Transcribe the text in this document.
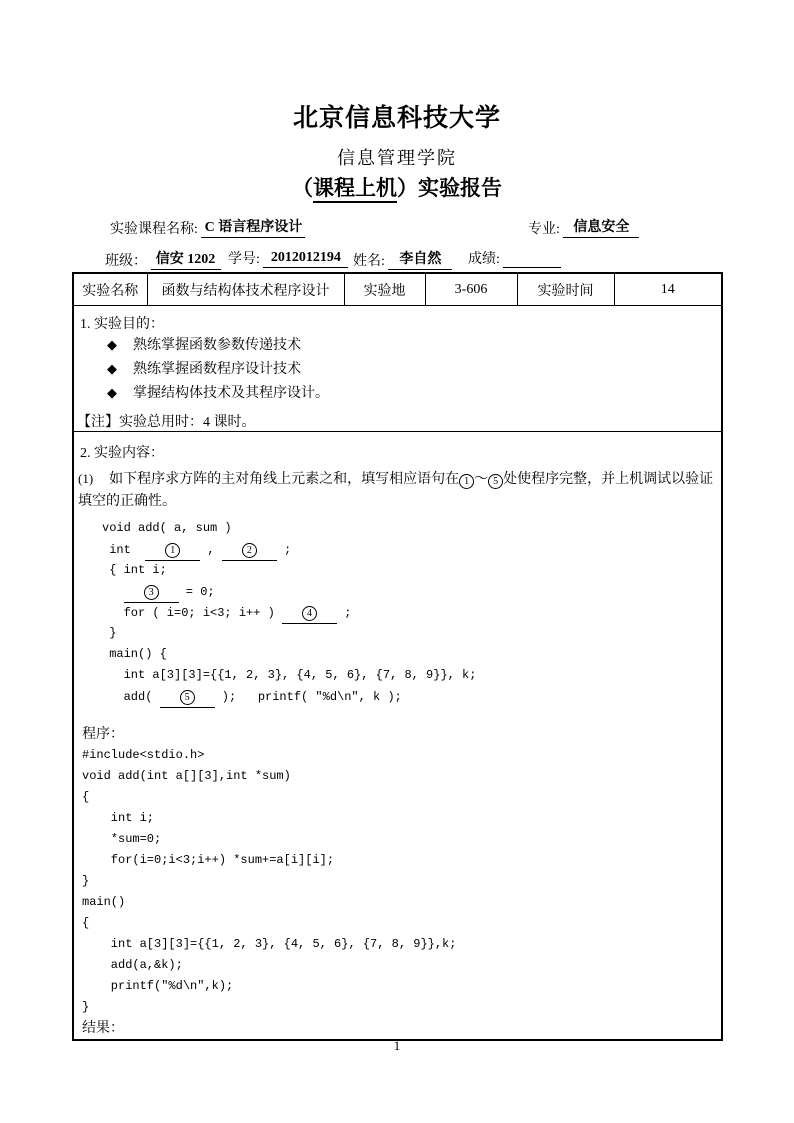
北京信息科技大学
信息管理学院
（课程上机）实验报告
实验课程名称: C 语言程序设计	专业: 信息安全
班级： 信安 1202 学号: 2012012194 姓名: 李自然	成绩:
实验名称	函数与结构体技术程序设计	实验地	3-606	实验时间	14

1. 实验目的：
◆ 熟练掌握函数参数传递技术
◆ 熟练掌握函数程序设计技术
◆ 掌握结构体技术及其程序设计。
【注】实验总用时：4 课时。

2. 实验内容：
(1) 如下程序求方阵的主对角线上元素之和，填写相应语句在 1 ～ 5 处使程序完整，并上机调试以验证
填空的正确性。
void add( a, sum )
int	1 ,	2 ;
{ int i;
3 = 0;
for ( i=0; i<3; i++ )	4 ;
}
main() {
int a[3][3]={{1, 2, 3}, {4, 5, 6}, {7, 8, 9}}, k;
add(	5 );   printf( ″%d\n″, k );
程序：
#include<stdio.h>
void add(int a[][3],int *sum)
{
int i;
*sum=0;
for(i=0;i<3;i++) *sum+=a[i][i];
}
main()
{
int a[3][3]={{1, 2, 3}, {4, 5, 6}, {7, 8, 9}},k;
add(a,&k);
printf(″%d\n″,k);
}
结果：
1
